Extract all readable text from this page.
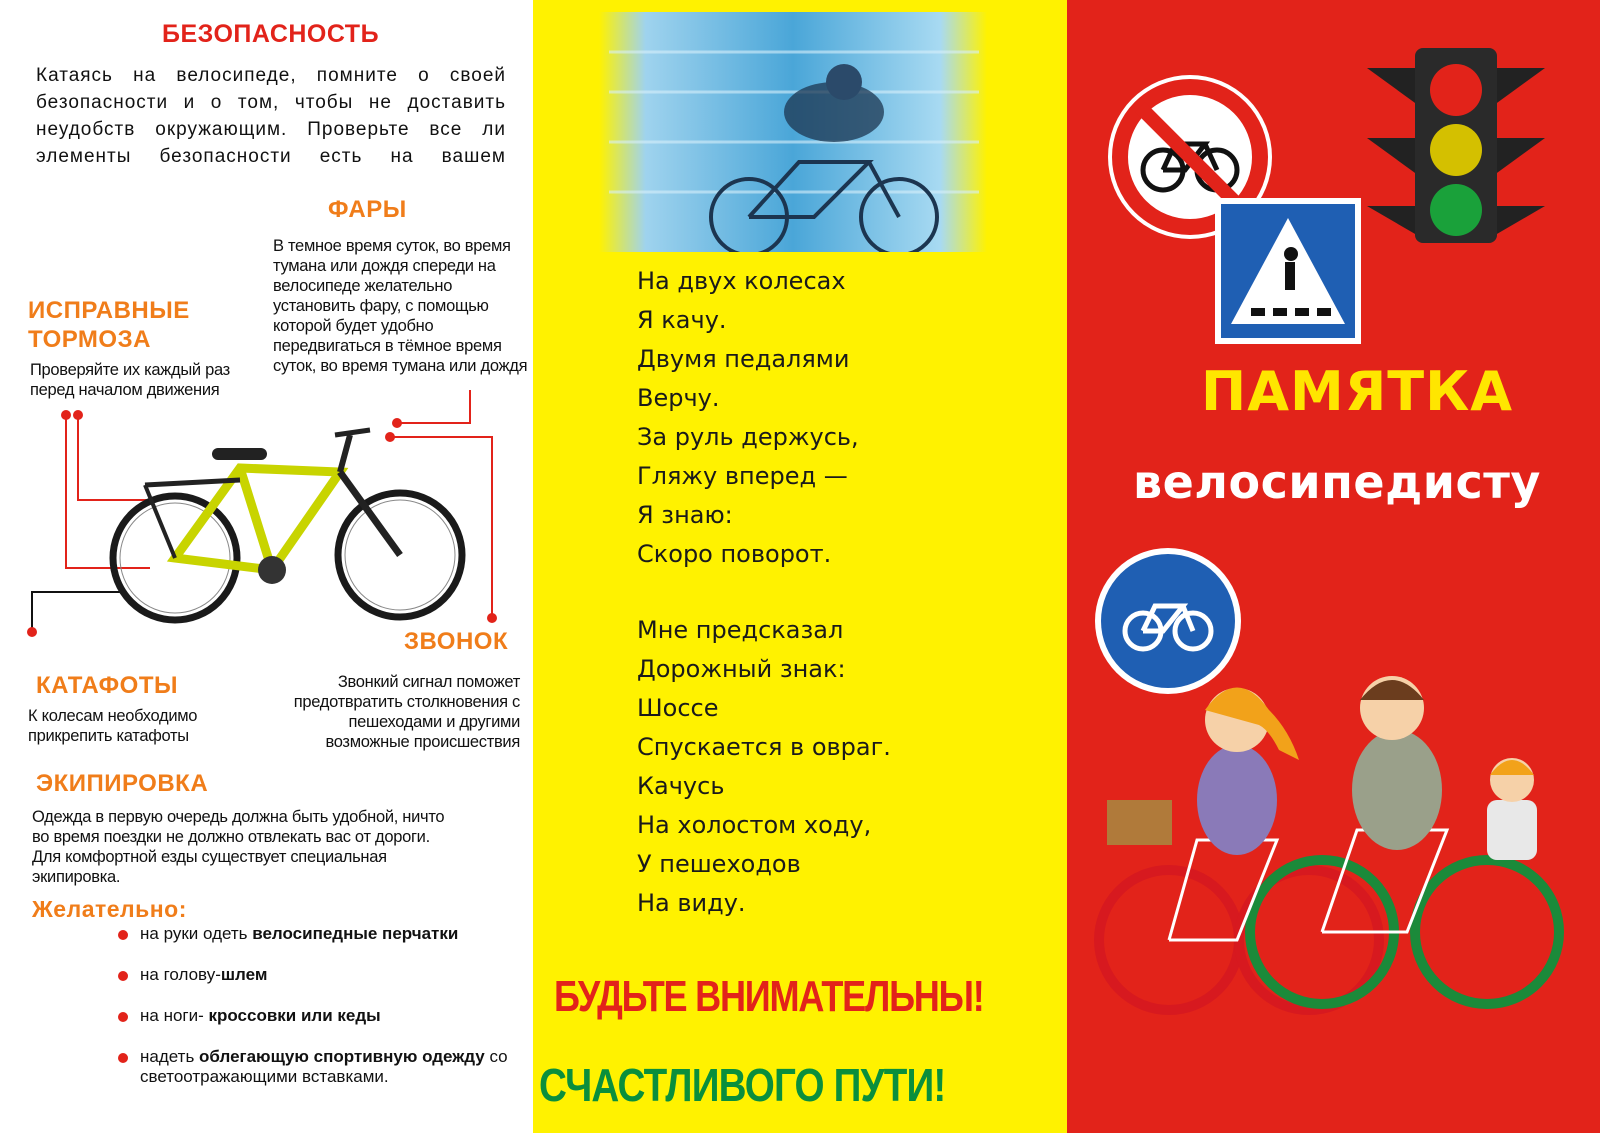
БЕЗОПАСНОСТЬ
Катаясь на велосипеде, помните о своей безопасности и о том, чтобы не доставить неудобств окружающим. Проверьте все ли элементы безопасности есть на вашем
ФАРЫ
В темное время суток, во время тумана или дождя спереди на велосипеде желательно установить фару, с помощью которой будет удобно передвигаться в тёмное время суток, во время тумана или дождя
ИСПРАВНЫЕ
ТОРМОЗА
Проверяйте их каждый раз перед началом движения
ЗВОНОК
Звонкий сигнал поможет предотвратить столкновения с пешеходами и другими возможные происшествия
КАТАФОТЫ
К колесам необходимо прикрепить катафоты
ЭКИПИРОВКА
Одежда в первую очередь должна быть удобной, ничто во время поездки не должно отвлекать вас от дороги. Для комфортной езды существует специальная экипировка.
Желательно:
на руки одеть велосипедные перчатки
на голову-шлем
на ноги- кроссовки или кеды
надеть облегающую спортивную одежду со светоотражающими вставками.
На двух колесах
Я качу.
Двумя педалями
Верчу.
За руль держусь,
Гляжу вперед —
Я знаю:
Скоро поворот.
Мне предсказал
Дорожный знак:
Шоссе
Спускается в овраг.
Качусь
На холостом ходу,
У пешеходов
На виду.
БУДЬТЕ ВНИМАТЕЛЬНЫ!
СЧАСТЛИВОГО ПУТИ!
ПАМЯТКА
велосипедисту
